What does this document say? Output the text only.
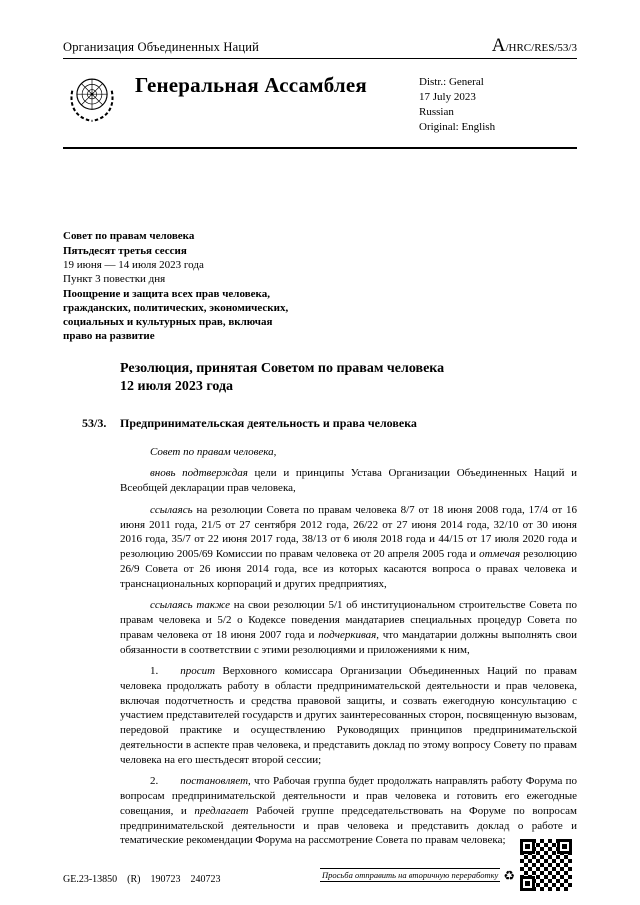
Организация Объединенных Наций	A/HRC/RES/53/3
Генеральная Ассамблея	Distr.: General
17 July 2023
Russian
Original: English
Совет по правам человека
Пятьдесят третья сессия
19 июня — 14 июля 2023 года
Пункт 3 повестки дня
Поощрение и защита всех прав человека, гражданских, политических, экономических, социальных и культурных прав, включая право на развитие
Резолюция, принятая Советом по правам человека
12 июля 2023 года
53/3.	Предпринимательская деятельность и права человека

Совет по правам человека,

вновь подтверждая цели и принципы Устава Организации Объединенных Наций и Всеобщей декларации прав человека,

ссылаясь на резолюции Совета по правам человека 8/7 от 18 июня 2008 года, 17/4 от 16 июня 2011 года, 21/5 от 27 сентября 2012 года, 26/22 от 27 июня 2014 года, 32/10 от 30 июня 2016 года, 35/7 от 22 июня 2017 года, 38/13 от 6 июля 2018 года и 44/15 от 17 июля 2020 года и резолюцию 2005/69 Комиссии по правам человека от 20 апреля 2005 года и отмечая резолюцию 26/9 Совета от 26 июня 2014 года, все из которых касаются вопроса о правах человека и транснациональных корпораций и других предприятиях,

ссылаясь также на свои резолюции 5/1 об институциональном строительстве Совета по правам человека и 5/2 о Кодексе поведения мандатариев специальных процедур Совета по правам человека от 18 июня 2007 года и подчеркивая, что мандатарии должны выполнять свои обязанности в соответствии с этими резолюциями и приложениями к ним,

1.  просит Верховного комиссара Организации Объединенных Наций по правам человека продолжать работу в области предпринимательской деятельности и прав человека, включая подотчетность и средства правовой защиты, и созвать ежегодную консультацию с участием представителей государств и других заинтересованных сторон, посвященную вызовам, передовой практике и осуществлению Руководящих принципов предпринимательской деятельности в аспекте прав человека, и представить доклад по этому вопросу Совету по правам человека на его шестьдесят второй сессии;

2.  постановляет, что Рабочая группа будет продолжать направлять работу Форума по вопросам предпринимательской деятельности и прав человека и готовить его ежегодные совещания, и предлагает Рабочей группе председательствовать на Форуме по вопросам предпринимательской деятельности и прав человека и представить доклад о работе и тематические рекомендации Форума на рассмотрение Совета по правам человека;

GE.23-13850  (R)  190723  240723	Просьба отправить на вторичную переработку ♻
